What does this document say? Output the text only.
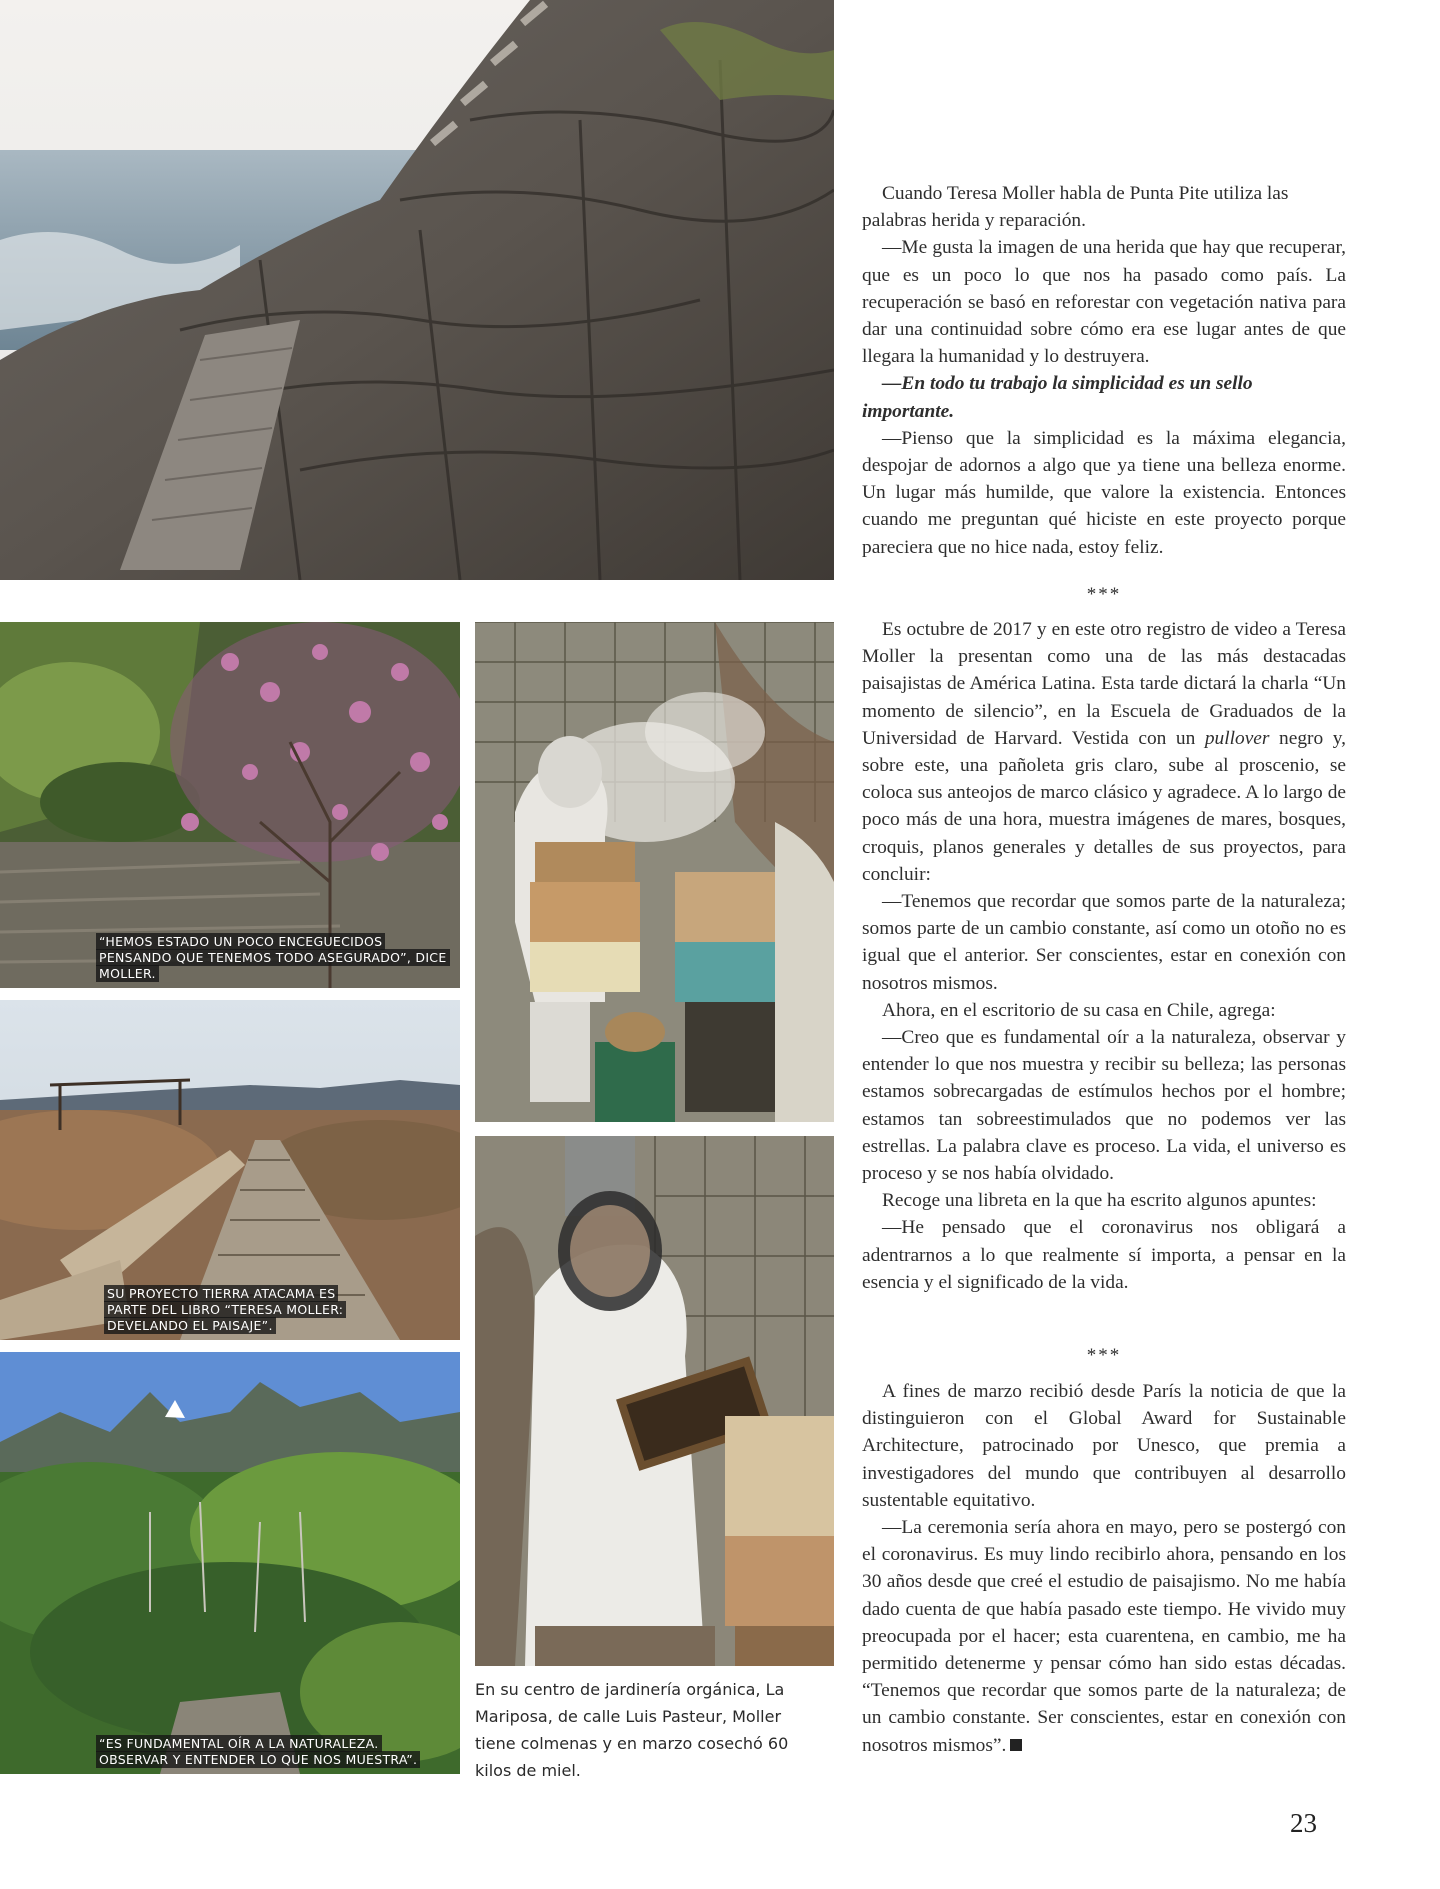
“HEMOS ESTADO UN POCO ENCEGUECIDOS PENSANDO QUE TENEMOS TODO ASEGURADO”, DICE MOLLER.
SU PROYECTO TIERRA ATACAMA ES PARTE DEL LIBRO “TERESA MOLLER: DEVELANDO EL PAISAJE”.
“ES FUNDAMENTAL OÍR A LA NATURALEZA. OBSERVAR Y ENTENDER LO QUE NOS MUESTRA”.
En su centro de jardinería orgánica, La Mariposa, de calle Luis Pasteur, Moller tiene colmenas y en marzo cosechó 60 kilos de miel.

Cuando Teresa Moller habla de Punta Pite utiliza las palabras herida y reparación.

—Me gusta la imagen de una herida que hay que recuperar, que es un poco lo que nos ha pasado como país. La recuperación se basó en reforestar con vegetación nativa para dar una continuidad sobre cómo era ese lugar antes de que llegara la humanidad y lo destruyera.

—En todo tu trabajo la simplicidad es un sello importante.

—Pienso que la simplicidad es la máxima elegancia, despojar de adornos a algo que ya tiene una belleza enorme. Un lugar más humilde, que valore la existencia. Entonces cuando me preguntan qué hiciste en este proyecto porque pareciera que no hice nada, estoy feliz.

***

Es octubre de 2017 y en este otro registro de video a Teresa Moller la presentan como una de las más destacadas paisajistas de América Latina. Esta tarde dictará la charla “Un momento de silencio”, en la Escuela de Graduados de la Universidad de Harvard. Vestida con un pullover negro y, sobre este, una pañoleta gris claro, sube al proscenio, se coloca sus anteojos de marco clásico y agradece. A lo largo de poco más de una hora, muestra imágenes de mares, bosques, croquis, planos generales y detalles de sus proyectos, para concluir:

—Tenemos que recordar que somos parte de la naturaleza; somos parte de un cambio constante, así como un otoño no es igual que el anterior. Ser conscientes, estar en conexión con nosotros mismos.

Ahora, en el escritorio de su casa en Chile, agrega:

—Creo que es fundamental oír a la naturaleza, observar y entender lo que nos muestra y recibir su belleza; las personas estamos sobrecargadas de estímulos hechos por el hombre; estamos tan sobreestimulados que no podemos ver las estrellas. La palabra clave es proceso. La vida, el universo es proceso y se nos había olvidado.

Recoge una libreta en la que ha escrito algunos apuntes:

—He pensado que el coronavirus nos obligará a adentrarnos a lo que realmente sí importa, a pensar en la esencia y el significado de la vida.

***

A fines de marzo recibió desde París la noticia de que la distinguieron con el Global Award for Sustainable Architecture, patrocinado por Unesco, que premia a investigadores del mundo que contribuyen al desarrollo sustentable equitativo.

—La ceremonia sería ahora en mayo, pero se postergó con el coronavirus. Es muy lindo recibirlo ahora, pensando en los 30 años desde que creé el estudio de paisajismo. No me había dado cuenta de que había pasado este tiempo. He vivido muy preocupada por el hacer; esta cuarentena, en cambio, me ha permitido detenerme y pensar cómo han sido estas décadas. “Tenemos que recordar que somos parte de la naturaleza; de un cambio constante. Ser conscientes, estar en conexión con nosotros mismos”.

23
